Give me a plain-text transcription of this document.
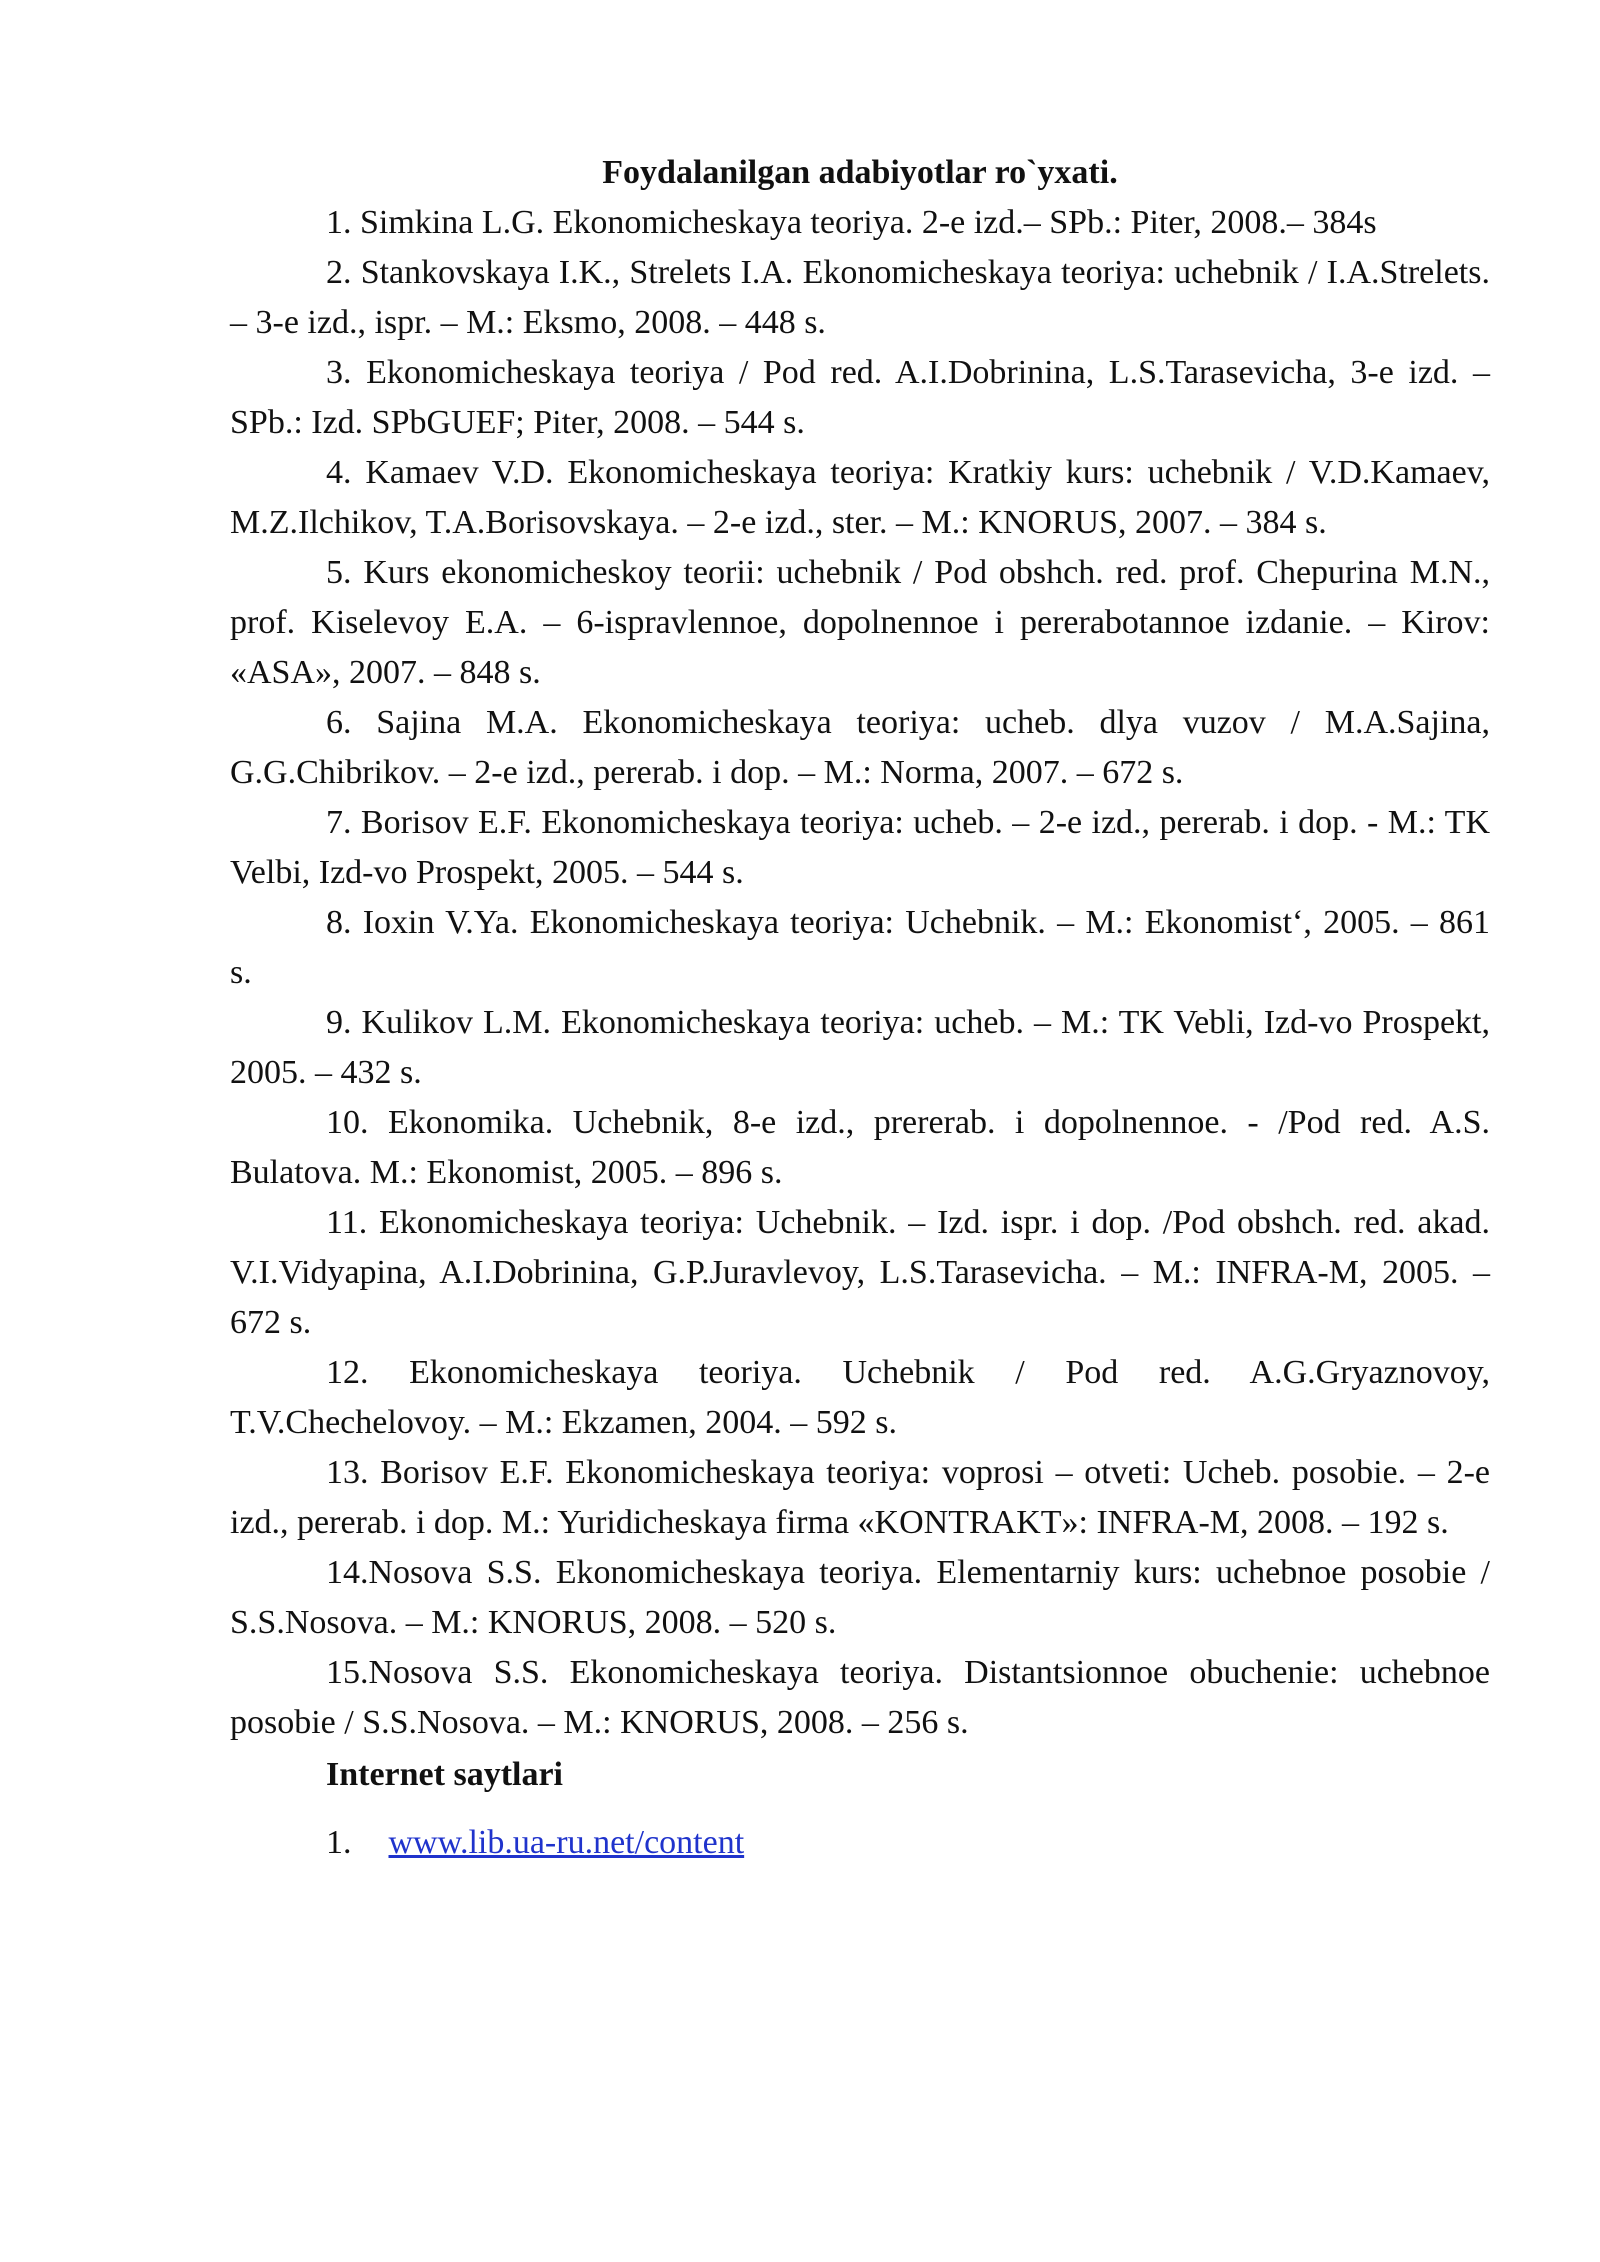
Foydalanilgan adabiyotlar ro`yxati.

1. Simkina L.G. Ekonomicheskaya teoriya. 2-e izd.– SPb.: Piter, 2008.– 384s

2. Stankovskaya I.K., Strelets I.A. Ekonomicheskaya teoriya: uchebnik / I.A.Strelets. – 3-e izd., ispr. – M.: Eksmo, 2008. – 448 s.

3. Ekonomicheskaya teoriya / Pod red. A.I.Dobrinina, L.S.Tarasevicha, 3-e izd. – SPb.: Izd. SPbGUEF; Piter, 2008. – 544 s.

4. Kamaev V.D. Ekonomicheskaya teoriya: Kratkiy kurs: uchebnik / V.D.Kamaev, M.Z.Ilchikov, T.A.Borisovskaya. – 2-e izd., ster. – M.: KNORUS, 2007. – 384 s.

5. Kurs ekonomicheskoy teorii: uchebnik / Pod obshch. red. prof. Chepurina M.N., prof. Kiselevoy E.A. – 6-ispravlennoe, dopolnennoe i pererabotannoe izdanie. – Kirov: «ASA», 2007. – 848 s.

6. Sajina M.A. Ekonomicheskaya teoriya: ucheb. dlya vuzov / M.A.Sajina, G.G.Chibrikov. – 2-e izd., pererab. i dop. – M.: Norma, 2007. – 672 s.

7. Borisov E.F. Ekonomicheskaya teoriya: ucheb. – 2-e izd., pererab. i dop. - M.: TK Velbi, Izd-vo Prospekt, 2005. – 544 s.

8. Ioxin V.Ya. Ekonomicheskaya teoriya: Uchebnik. – M.: Ekonomist‘, 2005. – 861 s.

9. Kulikov L.M. Ekonomicheskaya teoriya: ucheb. – M.: TK Vebli, Izd-vo Prospekt, 2005. – 432 s.

10. Ekonomika. Uchebnik, 8-e izd., prererab. i dopolnennoe. - /Pod red. A.S. Bulatova. M.: Ekonomist, 2005. – 896 s.

11. Ekonomicheskaya teoriya: Uchebnik. – Izd. ispr. i dop. /Pod obshch. red. akad. V.I.Vidyapina, A.I.Dobrinina, G.P.Juravlevoy, L.S.Tarasevicha. – M.: INFRA-M, 2005. – 672 s.

12. Ekonomicheskaya teoriya. Uchebnik / Pod red. A.G.Gryaznovoy, T.V.Chechelovoy. – M.: Ekzamen, 2004. – 592 s.

13. Borisov E.F. Ekonomicheskaya teoriya: voprosi – otveti: Ucheb. posobie. – 2-e izd., pererab. i dop. M.: Yuridicheskaya firma «KONTRAKT»: INFRA-M, 2008. – 192 s.

14.Nosova S.S. Ekonomicheskaya teoriya. Elementarniy kurs: uchebnoe posobie / S.S.Nosova. – M.: KNORUS, 2008. – 520 s.

15.Nosova S.S. Ekonomicheskaya teoriya. Distantsionnoe obuchenie: uchebnoe posobie / S.S.Nosova. – M.: KNORUS, 2008. – 256 s.

Internet saytlari

1. www.lib.ua-ru.net/content
